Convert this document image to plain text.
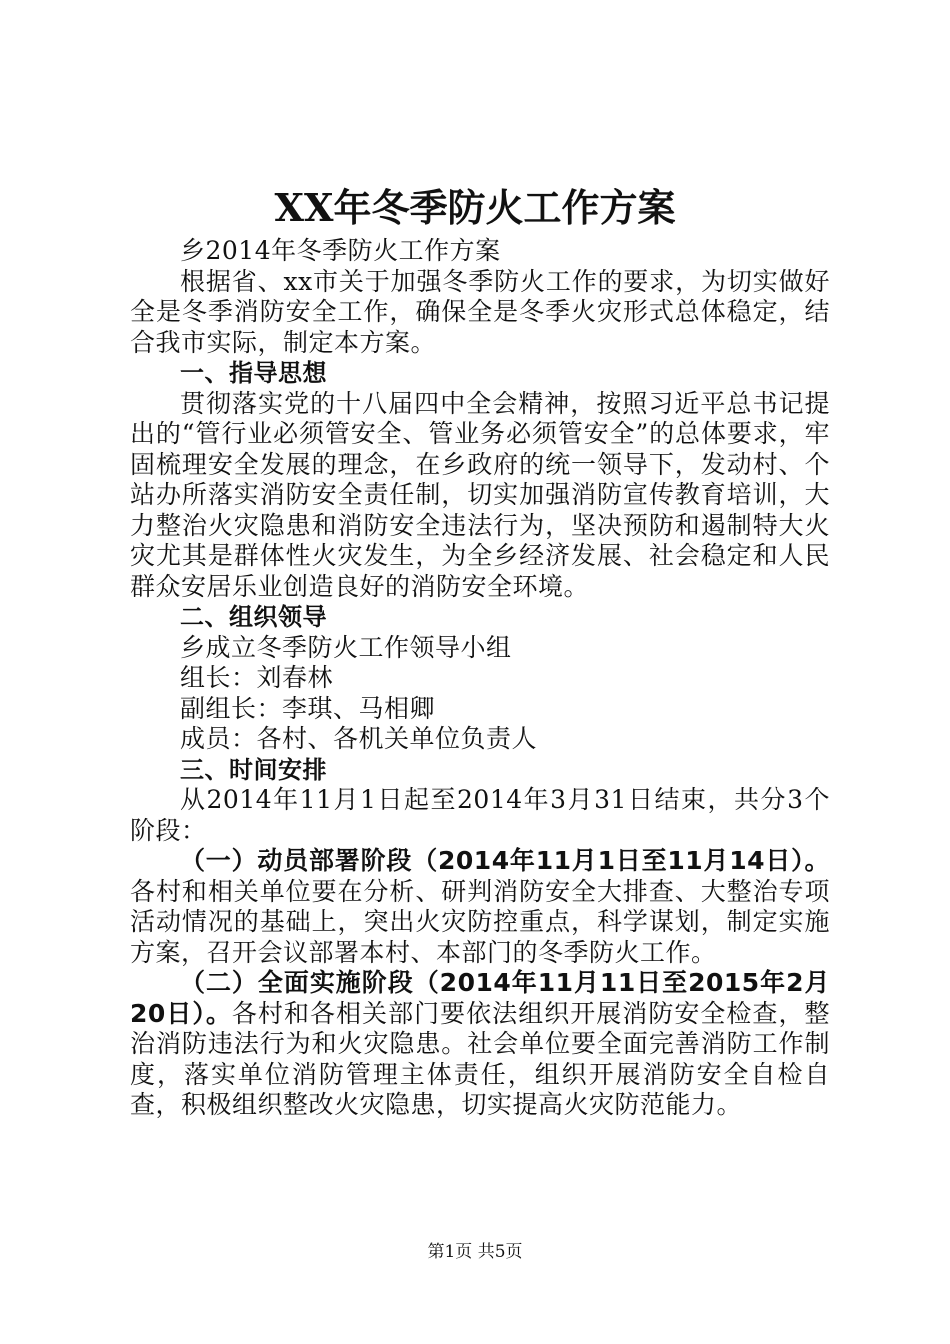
XX年冬季防火工作方案

乡2014年冬季防火工作方案

根据省、xx市关于加强冬季防火工作的要求，为切实做好全是冬季消防安全工作，确保全是冬季火灾形式总体稳定，结合我市实际，制定本方案。

一、指导思想

贯彻落实党的十八届四中全会精神，按照习近平总书记提出的“管行业必须管安全、管业务必须管安全”的总体要求，牢固梳理安全发展的理念，在乡政府的统一领导下，发动村、个站办所落实消防安全责任制，切实加强消防宣传教育培训，大力整治火灾隐患和消防安全违法行为，坚决预防和遏制特大火灾尤其是群体性火灾发生，为全乡经济发展、社会稳定和人民群众安居乐业创造良好的消防安全环境。

二、组织领导

乡成立冬季防火工作领导小组

组长：刘春林

副组长：李琪、马相卿

成员：各村、各机关单位负责人

三、时间安排

从2014年11月1日起至2014年3月31日结束，共分3个阶段：

（一）动员部署阶段（2014年11月1日至11月14日）。各村和相关单位要在分析、研判消防安全大排查、大整治专项活动情况的基础上，突出火灾防控重点，科学谋划，制定实施方案，召开会议部署本村、本部门的冬季防火工作。

（二）全面实施阶段（2014年11月11日至2015年2月20日）。各村和各相关部门要依法组织开展消防安全检查，整治消防违法行为和火灾隐患。社会单位要全面完善消防工作制度，落实单位消防管理主体责任，组织开展消防安全自检自查，积极组织整改火灾隐患，切实提高火灾防范能力。

第1页 共5页
